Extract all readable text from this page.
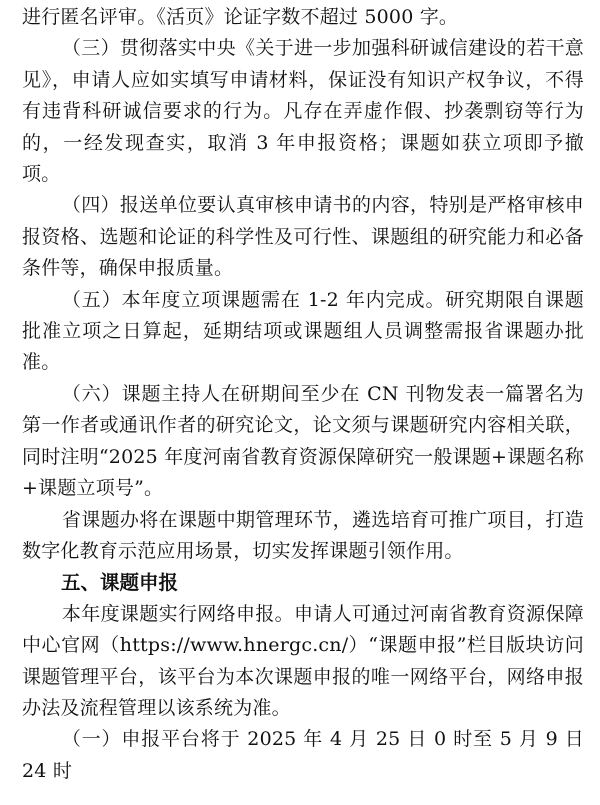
进行匿名评审。《活页》论证字数不超过 5000 字。

（三）贯彻落实中央《关于进一步加强科研诚信建设的若干意见》，申请人应如实填写申请材料，保证没有知识产权争议，不得有违背科研诚信要求的行为。凡存在弄虚作假、抄袭剽窃等行为的，一经发现查实，取消 3 年申报资格；课题如获立项即予撤项。

（四）报送单位要认真审核申请书的内容，特别是严格审核申报资格、选题和论证的科学性及可行性、课题组的研究能力和必备条件等，确保申报质量。

（五）本年度立项课题需在 1-2 年内完成。研究期限自课题批准立项之日算起，延期结项或课题组人员调整需报省课题办批准。

（六）课题主持人在研期间至少在 CN 刊物发表一篇署名为第一作者或通讯作者的研究论文，论文须与课题研究内容相关联，同时注明“2025 年度河南省教育资源保障研究一般课题+课题名称+课题立项号”。

省课题办将在课题中期管理环节，遴选培育可推广项目，打造数字化教育示范应用场景，切实发挥课题引领作用。

五、课题申报

本年度课题实行网络申报。申请人可通过河南省教育资源保障中心官网（https://www.hnergc.cn/）“课题申报”栏目版块访问课题管理平台，该平台为本次课题申报的唯一网络平台，网络申报办法及流程管理以该系统为准。

（一）申报平台将于 2025 年 4 月 25 日 0 时至 5 月 9 日 24 时
